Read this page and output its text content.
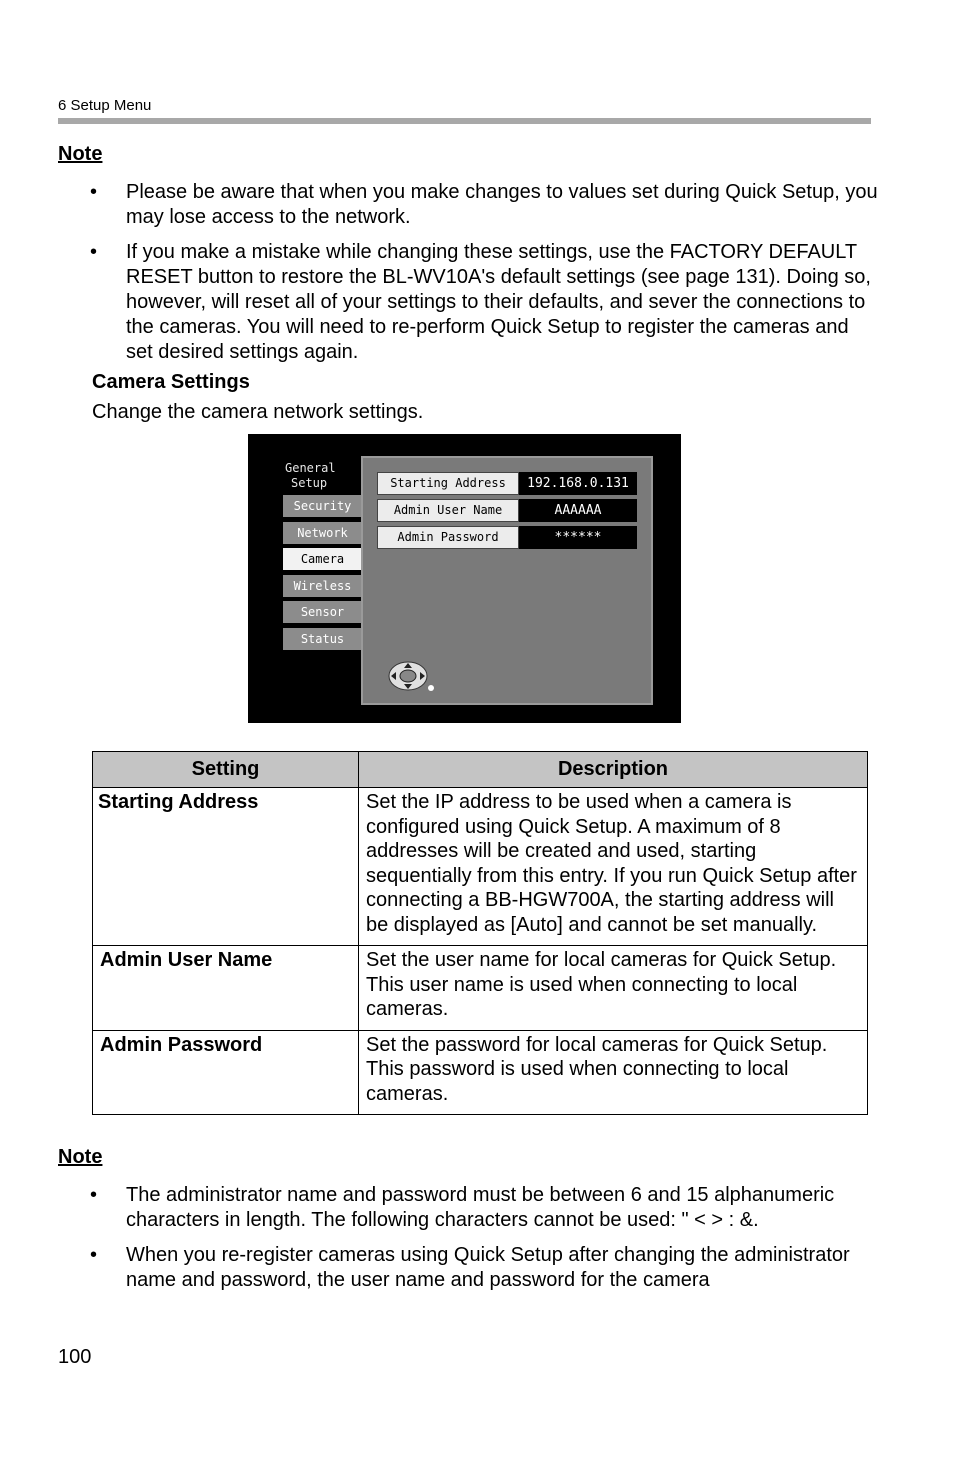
6 Setup Menu
Note
• Please be aware that when you make changes to values set during Quick Setup, you may lose access to the network.
• If you make a mistake while changing these settings, use the FACTORY DEFAULT RESET button to restore the BL-WV10A's default settings (see page 131). Doing so, however, will reset all of your settings to their defaults, and sever the connections to the cameras. You will need to re-perform Quick Setup to register the cameras and set desired settings again.
Camera Settings
Change the camera network settings.
General
Setup
Security
Network
Camera
Wireless
Sensor
Status
Starting Address	192.168.0.131
Admin User Name	AAAAAA
Admin Password	******
Setting	Description
Starting Address	Set the IP address to be used when a camera is configured using Quick Setup. A maximum of 8 addresses will be created and used, starting sequentially from this entry. If you run Quick Setup after connecting a BB-HGW700A, the starting address will be displayed as [Auto] and cannot be set manually.
Admin User Name	Set the user name for local cameras for Quick Setup. This user name is used when connecting to local cameras.
Admin Password	Set the password for local cameras for Quick Setup. This password is used when connecting to local cameras.
Note
• The administrator name and password must be between 6 and 15 alphanumeric characters in length. The following characters cannot be used: " < > : &.
• When you re-register cameras using Quick Setup after changing the administrator name and password, the user name and password for the camera
100
